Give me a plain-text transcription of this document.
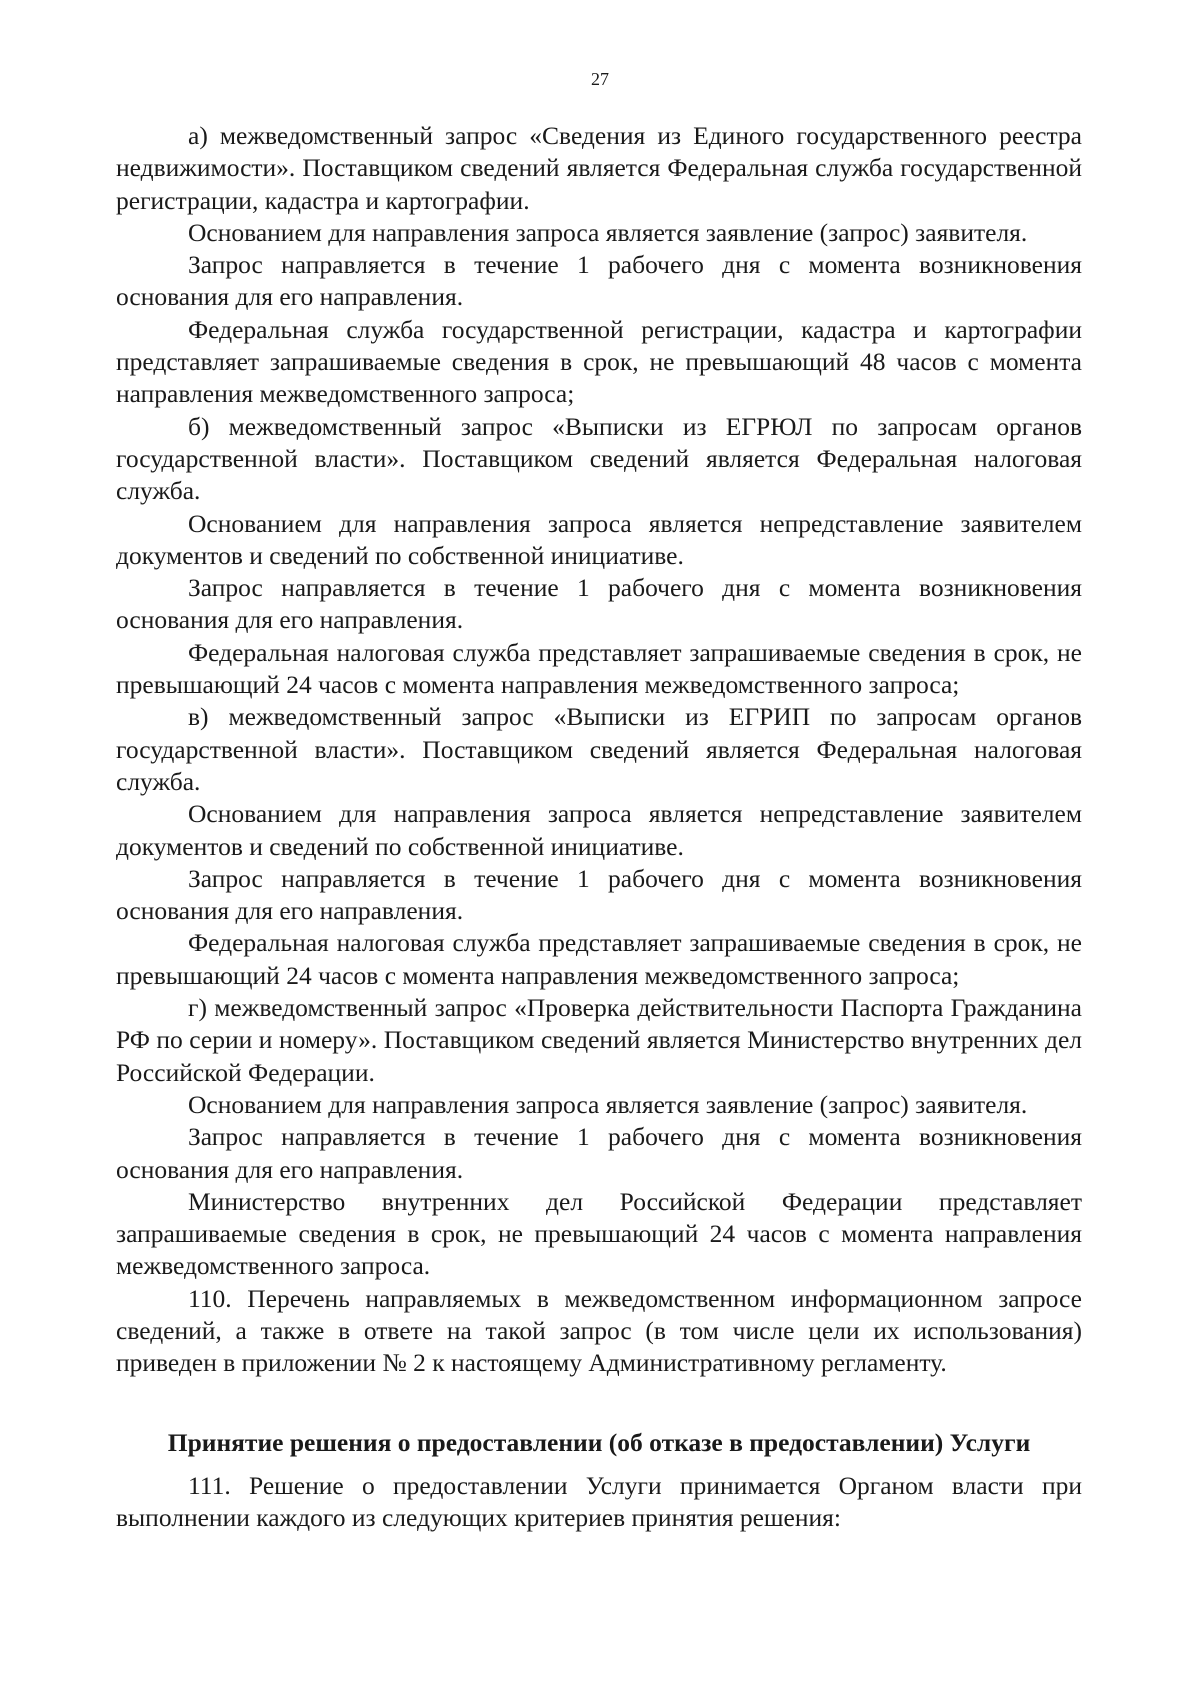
27

а) межведомственный запрос «Сведения из Единого государственного реестра недвижимости». Поставщиком сведений является Федеральная служба государственной регистрации, кадастра и картографии.

Основанием для направления запроса является заявление (запрос) заявителя.

Запрос направляется в течение 1 рабочего дня с момента возникновения основания для его направления.

Федеральная служба государственной регистрации, кадастра и картографии представляет запрашиваемые сведения в срок, не превышающий 48 часов с момента направления межведомственного запроса;

б) межведомственный запрос «Выписки из ЕГРЮЛ по запросам органов государственной власти». Поставщиком сведений является Федеральная налоговая служба.

Основанием для направления запроса является непредставление заявителем документов и сведений по собственной инициативе.

Запрос направляется в течение 1 рабочего дня с момента возникновения основания для его направления.

Федеральная налоговая служба представляет запрашиваемые сведения в срок, не превышающий 24 часов с момента направления межведомственного запроса;

в) межведомственный запрос «Выписки из ЕГРИП по запросам органов государственной власти». Поставщиком сведений является Федеральная налоговая служба.

Основанием для направления запроса является непредставление заявителем документов и сведений по собственной инициативе.

Запрос направляется в течение 1 рабочего дня с момента возникновения основания для его направления.

Федеральная налоговая служба представляет запрашиваемые сведения в срок, не превышающий 24 часов с момента направления межведомственного запроса;

г) межведомственный запрос «Проверка действительности Паспорта Гражданина РФ по серии и номеру». Поставщиком сведений является Министерство внутренних дел Российской Федерации.

Основанием для направления запроса является заявление (запрос) заявителя.

Запрос направляется в течение 1 рабочего дня с момента возникновения основания для его направления.

Министерство внутренних дел Российской Федерации представляет запрашиваемые сведения в срок, не превышающий 24 часов с момента направления межведомственного запроса.

110. Перечень направляемых в межведомственном информационном запросе сведений, а также в ответе на такой запрос (в том числе цели их использования) приведен в приложении № 2 к настоящему Административному регламенту.

Принятие решения о предоставлении (об отказе в предоставлении) Услуги

111. Решение о предоставлении Услуги принимается Органом власти при выполнении каждого из следующих критериев принятия решения:
